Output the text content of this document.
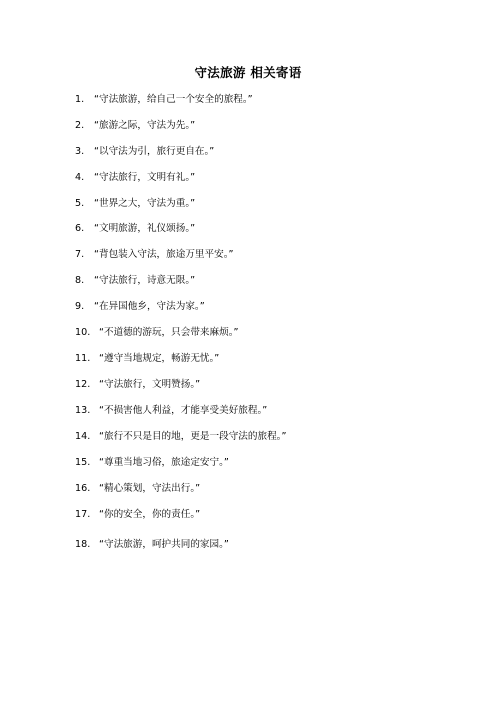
守法旅游 相关寄语
1. “守法旅游，给自己一个安全的旅程。”
2. “旅游之际，守法为先。”
3. “以守法为引，旅行更自在。”
4. “守法旅行，文明有礼。”
5. “世界之大，守法为重。”
6. “文明旅游，礼仪颂扬。”
7. “背包装入守法，旅途万里平安。”
8. “守法旅行，诗意无限。”
9. “在异国他乡，守法为家。”
10. “不道德的游玩，只会带来麻烦。”
11. “遵守当地规定，畅游无忧。”
12. “守法旅行，文明赞扬。”
13. “不损害他人利益，才能享受美好旅程。”
14. “旅行不只是目的地，更是一段守法的旅程。”
15. “尊重当地习俗，旅途定安宁。”
16. “精心策划，守法出行。”
17. “你的安全，你的责任。”
18. “守法旅游，呵护共同的家园。”
